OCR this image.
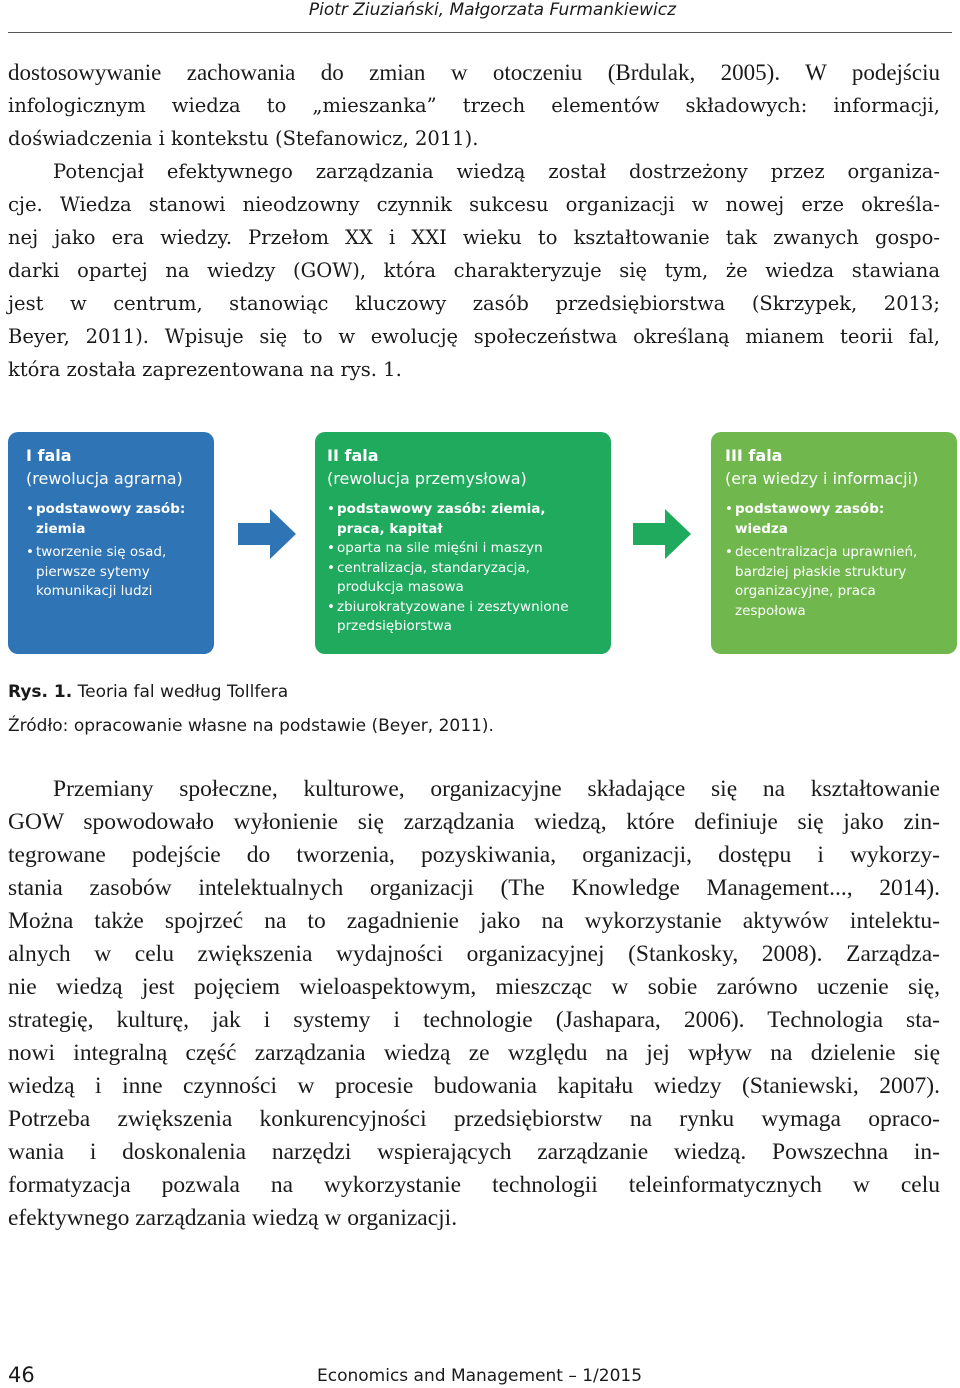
Piotr Ziuziański, Małgorzata Furmankiewicz
dostosowywanie zachowania do zmian w otoczeniu (Brdulak, 2005). W podejściu
infologicznym wiedza to „mieszanka” trzech elementów składowych: informacji,
doświadczenia i kontekstu (Stefanowicz, 2011).
Potencjał efektywnego zarządzania wiedzą został dostrzeżony przez organiza-
cje. Wiedza stanowi nieodzowny czynnik sukcesu organizacji w nowej erze określa-
nej jako era wiedzy. Przełom XX i XXI wieku to kształtowanie tak zwanych gospo-
darki opartej na wiedzy (GOW), która charakteryzuje się tym, że wiedza stawiana
jest w centrum, stanowiąc kluczowy zasób przedsiębiorstwa (Skrzypek, 2013;
Beyer, 2011). Wpisuje się to w ewolucję społeczeństwa określaną mianem teorii fal,
która została zaprezentowana na rys. 1.
I fala
(rewolucja agrarna)
• podstawowy zasób: ziemia
• tworzenie się osad, pierwsze sytemy komunikacji ludzi
II fala
(rewolucja przemysłowa)
• podstawowy zasób: ziemia, praca, kapitał
• oparta na sile mięśni i maszyn
• centralizacja, standaryzacja, produkcja masowa
• zbiurokratyzowane i zesztywnione przedsiębiorstwa
III fala
(era wiedzy i informacji)
• podstawowy zasób: wiedza
• decentralizacja uprawnień, bardziej płaskie struktury organizacyjne, praca zespołowa
Rys. 1. Teoria fal według Tollfera
Źródło: opracowanie własne na podstawie (Beyer, 2011).
Przemiany społeczne, kulturowe, organizacyjne składające się na kształtowanie
GOW spowodowało wyłonienie się zarządzania wiedzą, które definiuje się jako zin-
tegrowane podejście do tworzenia, pozyskiwania, organizacji, dostępu i wykorzy-
stania zasobów intelektualnych organizacji (The Knowledge Management..., 2014).
Można także spojrzeć na to zagadnienie jako na wykorzystanie aktywów intelektu-
alnych w celu zwiększenia wydajności organizacyjnej (Stankosky, 2008). Zarządza-
nie wiedzą jest pojęciem wieloaspektowym, mieszcząc w sobie zarówno uczenie się,
strategię, kulturę, jak i systemy i technologie (Jashapara, 2006). Technologia sta-
nowi integralną część zarządzania wiedzą ze względu na jej wpływ na dzielenie się
wiedzą i inne czynności w procesie budowania kapitału wiedzy (Staniewski, 2007).
Potrzeba zwiększenia konkurencyjności przedsiębiorstw na rynku wymaga opraco-
wania i doskonalenia narzędzi wspierających zarządzanie wiedzą. Powszechna in-
formatyzacja pozwala na wykorzystanie technologii teleinformatycznych w celu
efektywnego zarządzania wiedzą w organizacji.
46	Economics and Management – 1/2015
